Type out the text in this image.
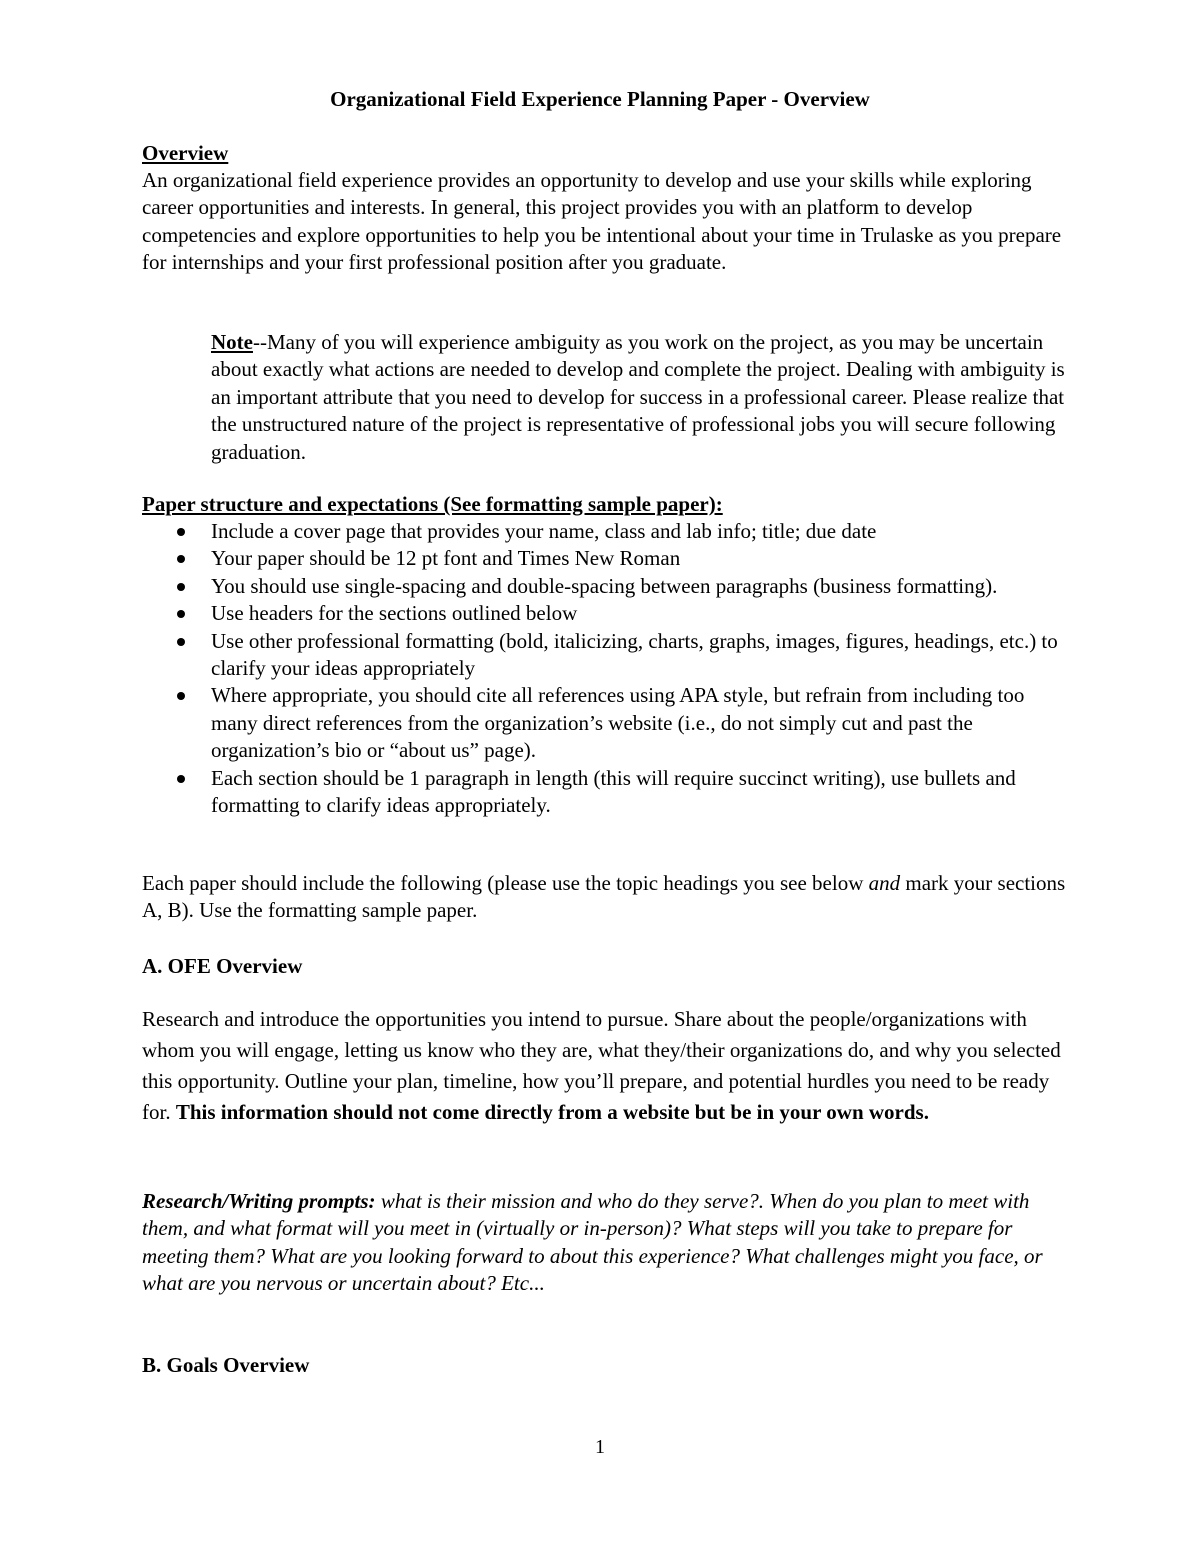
Organizational Field Experience Planning Paper - Overview
Overview
An organizational field experience provides an opportunity to develop and use your skills while exploring career opportunities and interests. In general, this project provides you with an platform to develop competencies and explore opportunities to help you be intentional about your time in Trulaske as you prepare for internships and your first professional position after you graduate.
Note--Many of you will experience ambiguity as you work on the project, as you may be uncertain about exactly what actions are needed to develop and complete the project. Dealing with ambiguity is an important attribute that you need to develop for success in a professional career. Please realize that the unstructured nature of the project is representative of professional jobs you will secure following graduation.
Paper structure and expectations (See formatting sample paper):
Include a cover page that provides your name, class and lab info; title; due date
Your paper should be 12 pt font and Times New Roman
You should use single-spacing and double-spacing between paragraphs (business formatting).
Use headers for the sections outlined below
Use other professional formatting (bold, italicizing, charts, graphs, images, figures, headings, etc.) to clarify your ideas appropriately
Where appropriate, you should cite all references using APA style, but refrain from including too many direct references from the organization’s website (i.e., do not simply cut and past the organization’s bio or “about us” page).
Each section should be 1 paragraph in length (this will require succinct writing), use bullets and formatting to clarify ideas appropriately.
Each paper should include the following (please use the topic headings you see below and mark your sections A, B). Use the formatting sample paper.
A. OFE Overview
Research and introduce the opportunities you intend to pursue. Share about the people/organizations with whom you will engage, letting us know who they are, what they/their organizations do, and why you selected this opportunity. Outline your plan, timeline, how you’ll prepare, and potential hurdles you need to be ready for. This information should not come directly from a website but be in your own words.
Research/Writing prompts: what is their mission and who do they serve?. When do you plan to meet with them, and what format will you meet in (virtually or in-person)? What steps will you take to prepare for meeting them? What are you looking forward to about this experience? What challenges might you face, or what are you nervous or uncertain about? Etc...
B. Goals Overview
1
